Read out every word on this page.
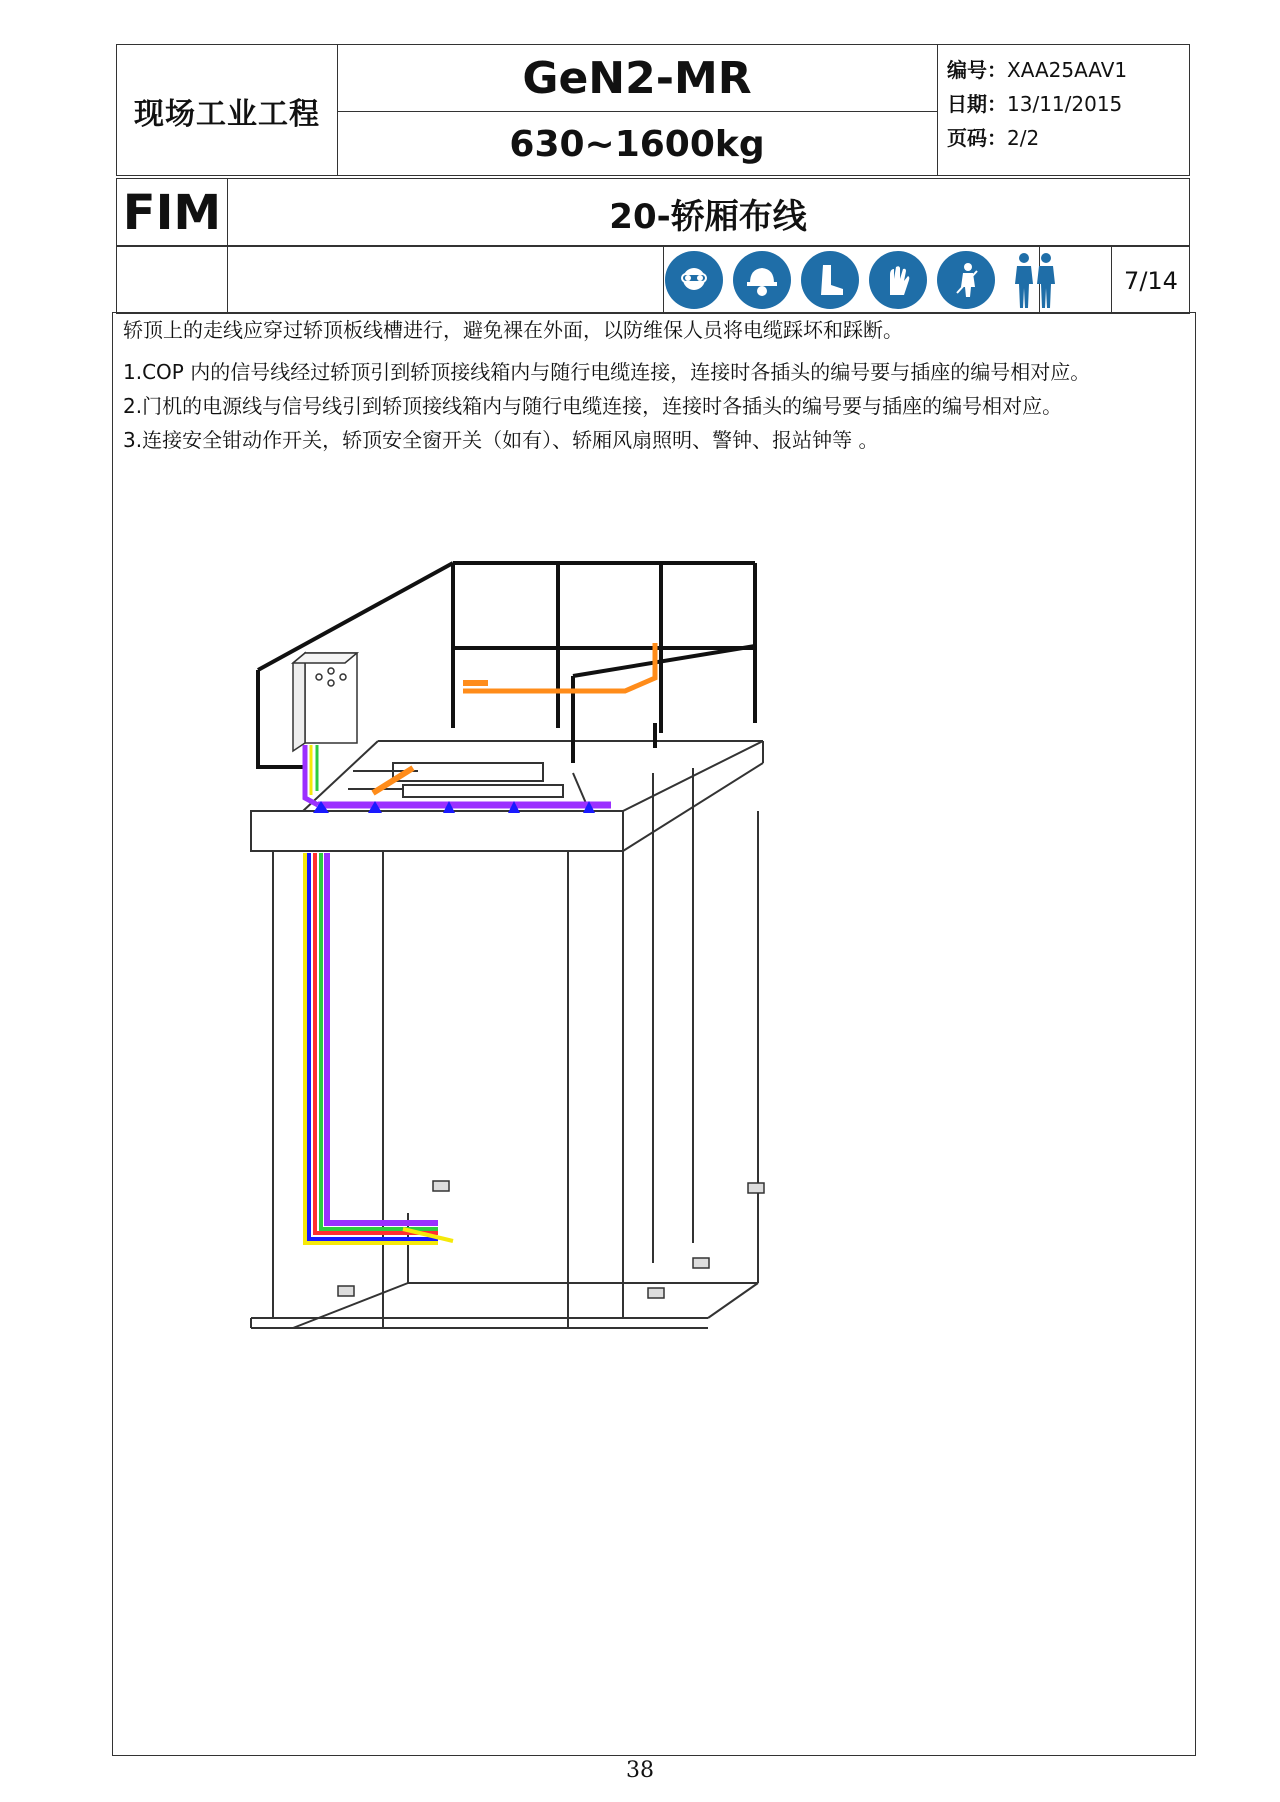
现场工业工程
GeN2-MR
630~1600kg
编号：XAA25AAV1
日期：13/11/2015
页码：2/2
FIM	20-轿厢布线
7/14

轿顶上的走线应穿过轿顶板线槽进行，避免裸在外面，以防维保人员将电缆踩坏和踩断。

1.COP 内的信号线经过轿顶引到轿顶接线箱内与随行电缆连接，连接时各插头的编号要与插座的编号相对应。

2.门机的电源线与信号线引到轿顶接线箱内与随行电缆连接，连接时各插头的编号要与插座的编号相对应。

3.连接安全钳动作开关，轿顶安全窗开关（如有）、轿厢风扇照明、警钟、报站钟等 。

38
